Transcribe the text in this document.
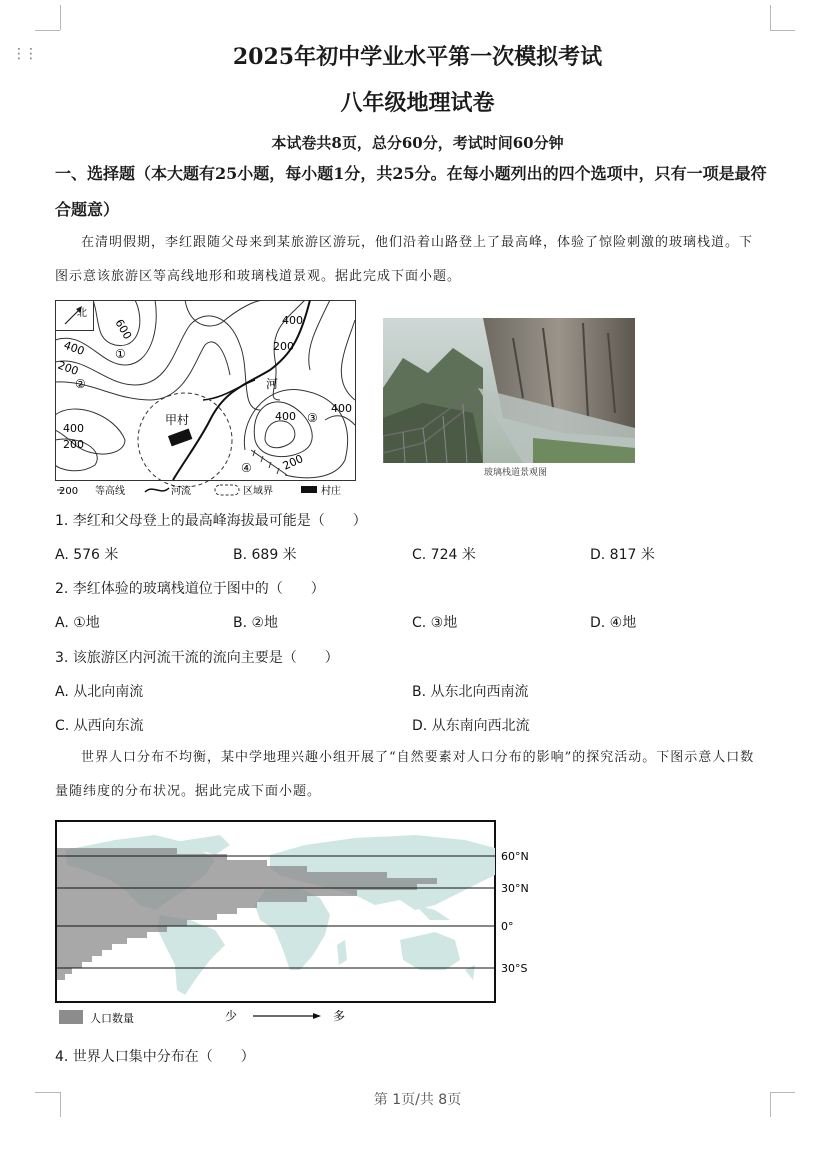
⋮⋮	2025年初中学业水平第一次模拟考试
八年级地理试卷
本试卷共8页，总分60分，考试时间60分钟
一、选择题（本大题有25小题，每小题1分，共25分。在每小题列出的四个选项中，只有一项是最符合题意）
在清明假期，李红跟随父母来到某旅游区游玩，他们沿着山路登上了最高峰，体验了惊险刺激的玻璃栈道。下图示意该旅游区等高线地形和玻璃栈道景观。据此完成下面小题。
北
甲村
河
600
400
200
400
200
400
400
400
200
200
①
②
③
④
200 等高线	河流	区域界	村庄
玻璃栈道景观图
1. 李红和父母登上的最高峰海拔最可能是（　　）
A. 576 米	B. 689 米	C. 724 米	D. 817 米
2. 李红体验的玻璃栈道位于图中的（　　）
A. ①地	B. ②地	C. ③地	D. ④地
3. 该旅游区内河流干流的流向主要是（　　）
A. 从北向南流	B. 从东北向西南流
C. 从西向东流	D. 从东南向西北流
世界人口分布不均衡，某中学地理兴趣小组开展了“自然要素对人口分布的影响”的探究活动。下图示意人口数量随纬度的分布状况。据此完成下面小题。
60°N
30°N
0°
30°S
人口数量	少	多
4. 世界人口集中分布在（　　）
第 1页/共 8页
